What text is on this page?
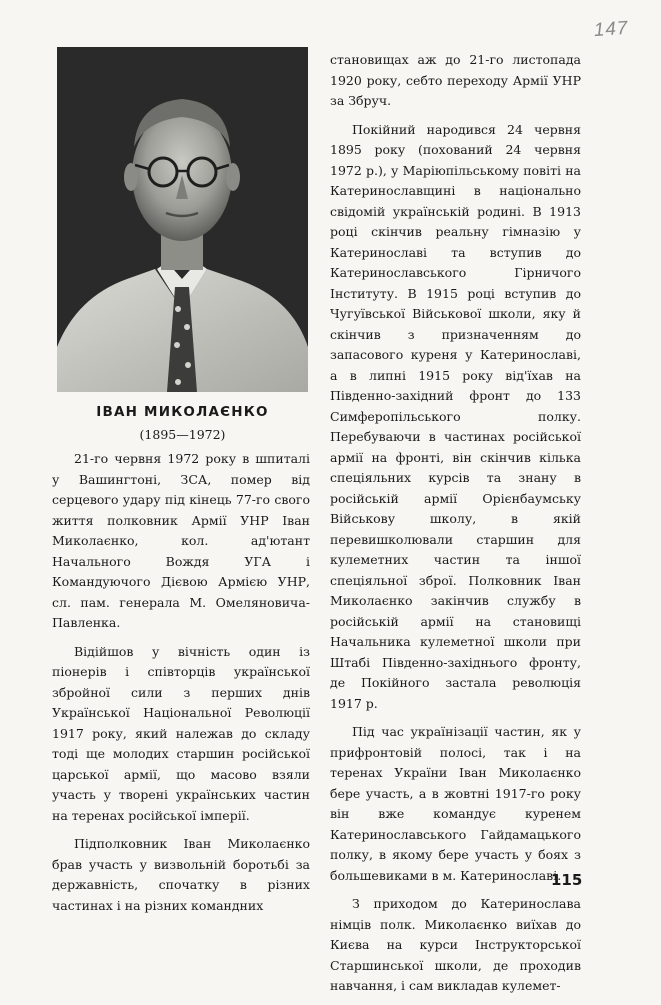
147
ІВАН МИКОЛАЄНКО

(1895—1972)

21-го червня 1972 року в шпиталі у Вашингтоні, ЗСА, помер від серцевого удару під кінець 77-го свого життя полковник Армії УНР Іван Миколаєнко, кол. ад'ютант Начального Вождя УГА і Командуючого Дієвою Армією УНР, сл. пам. генерала М. Омеляновича-Павленка.

Відійшов у вічність один із піонерів і співторців української збройної сили з перших днів Української Національної Революції 1917 року, який належав до складу тоді ще молодих старшин російської царської армії, що масово взяли участь у творені українських частин на теренах російської імперії.

Підполковник Іван Миколаєнко брав участь у визвольній боротьбі за державність, спочатку в різних частинах і на різних командних

становищах аж до 21-го листопада 1920 року, себто переходу Армії УНР за Збруч.

Покійний народився 24 червня 1895 року (похований 24 червня 1972 р.), у Маріюпільському повіті на Катеринославщині в національно свідомій українській родині. В 1913 році скінчив реальну гімназію у Катеринославі та вступив до Катеринославського Гірничого Інституту. В 1915 році вступив до Чугуївської Військової школи, яку й скінчив з призначенням до запасового куреня у Катеринославі, а в липні 1915 року від'їхав на Південно-західний фронт до 133 Симферопільського полку. Перебуваючи в частинах російської армії на фронті, він скінчив кілька спеціяльних курсів та знану в російській армії Орієнбаумську Військову школу, в якій перевишколювали старшин для кулеметних частин та іншої спеціяльної зброї. Полковник Іван Миколаєнко закінчив службу в російській армії на становищі Начальника кулеметної школи при Штабі Південно-західнього фронту, де Покійного застала революція 1917 р.

Під час українізації частин, як у прифронтовій полосі, так і на теренах України Іван Миколаєнко бере участь, а в жовтні 1917-го року він вже командує куренем Катеринославського Гайдамацького полку, в якому бере участь у боях з большевиками в м. Катеринославі.

З приходом до Катеринослава німців полк. Миколаєнко виїхав до Києва на курси Інструкторської Старшинської школи, де проходив навчання, і сам викладав кулемет-

115
